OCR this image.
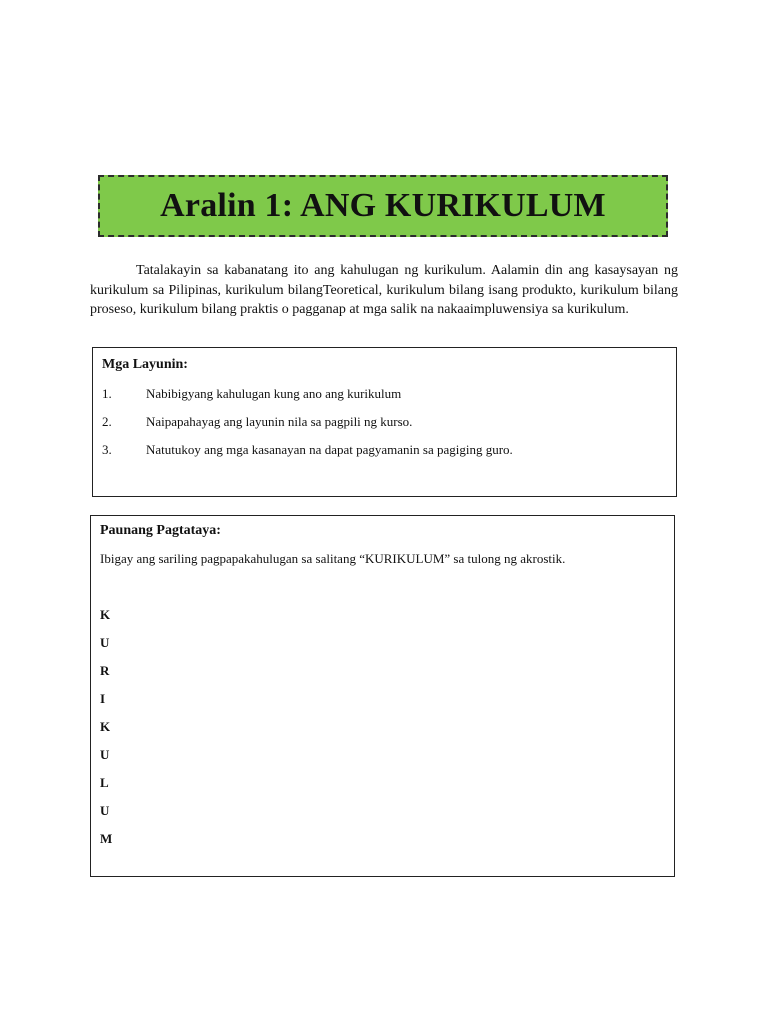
Aralin 1: ANG KURIKULUM

Tatalakayin sa kabanatang ito ang kahulugan ng kurikulum. Aalamin din ang kasaysayan ng kurikulum sa Pilipinas, kurikulum bilangTeoretical, kurikulum bilang isang produkto, kurikulum bilang proseso, kurikulum bilang praktis o pagganap at mga salik na nakaaimpluwensiya sa kurikulum.

Mga Layunin:

1.	Nabibigyang kahulugan kung ano ang kurikulum
2.	Naipapahayag ang layunin nila sa pagpili ng kurso.
3.	Natutukoy ang mga kasanayan na dapat pagyamanin sa pagiging guro.

Paunang Pagtataya:

Ibigay ang sariling pagpapakahulugan sa salitang “KURIKULUM” sa tulong ng akrostik.

K
U
R
I
K
U
L
U
M
